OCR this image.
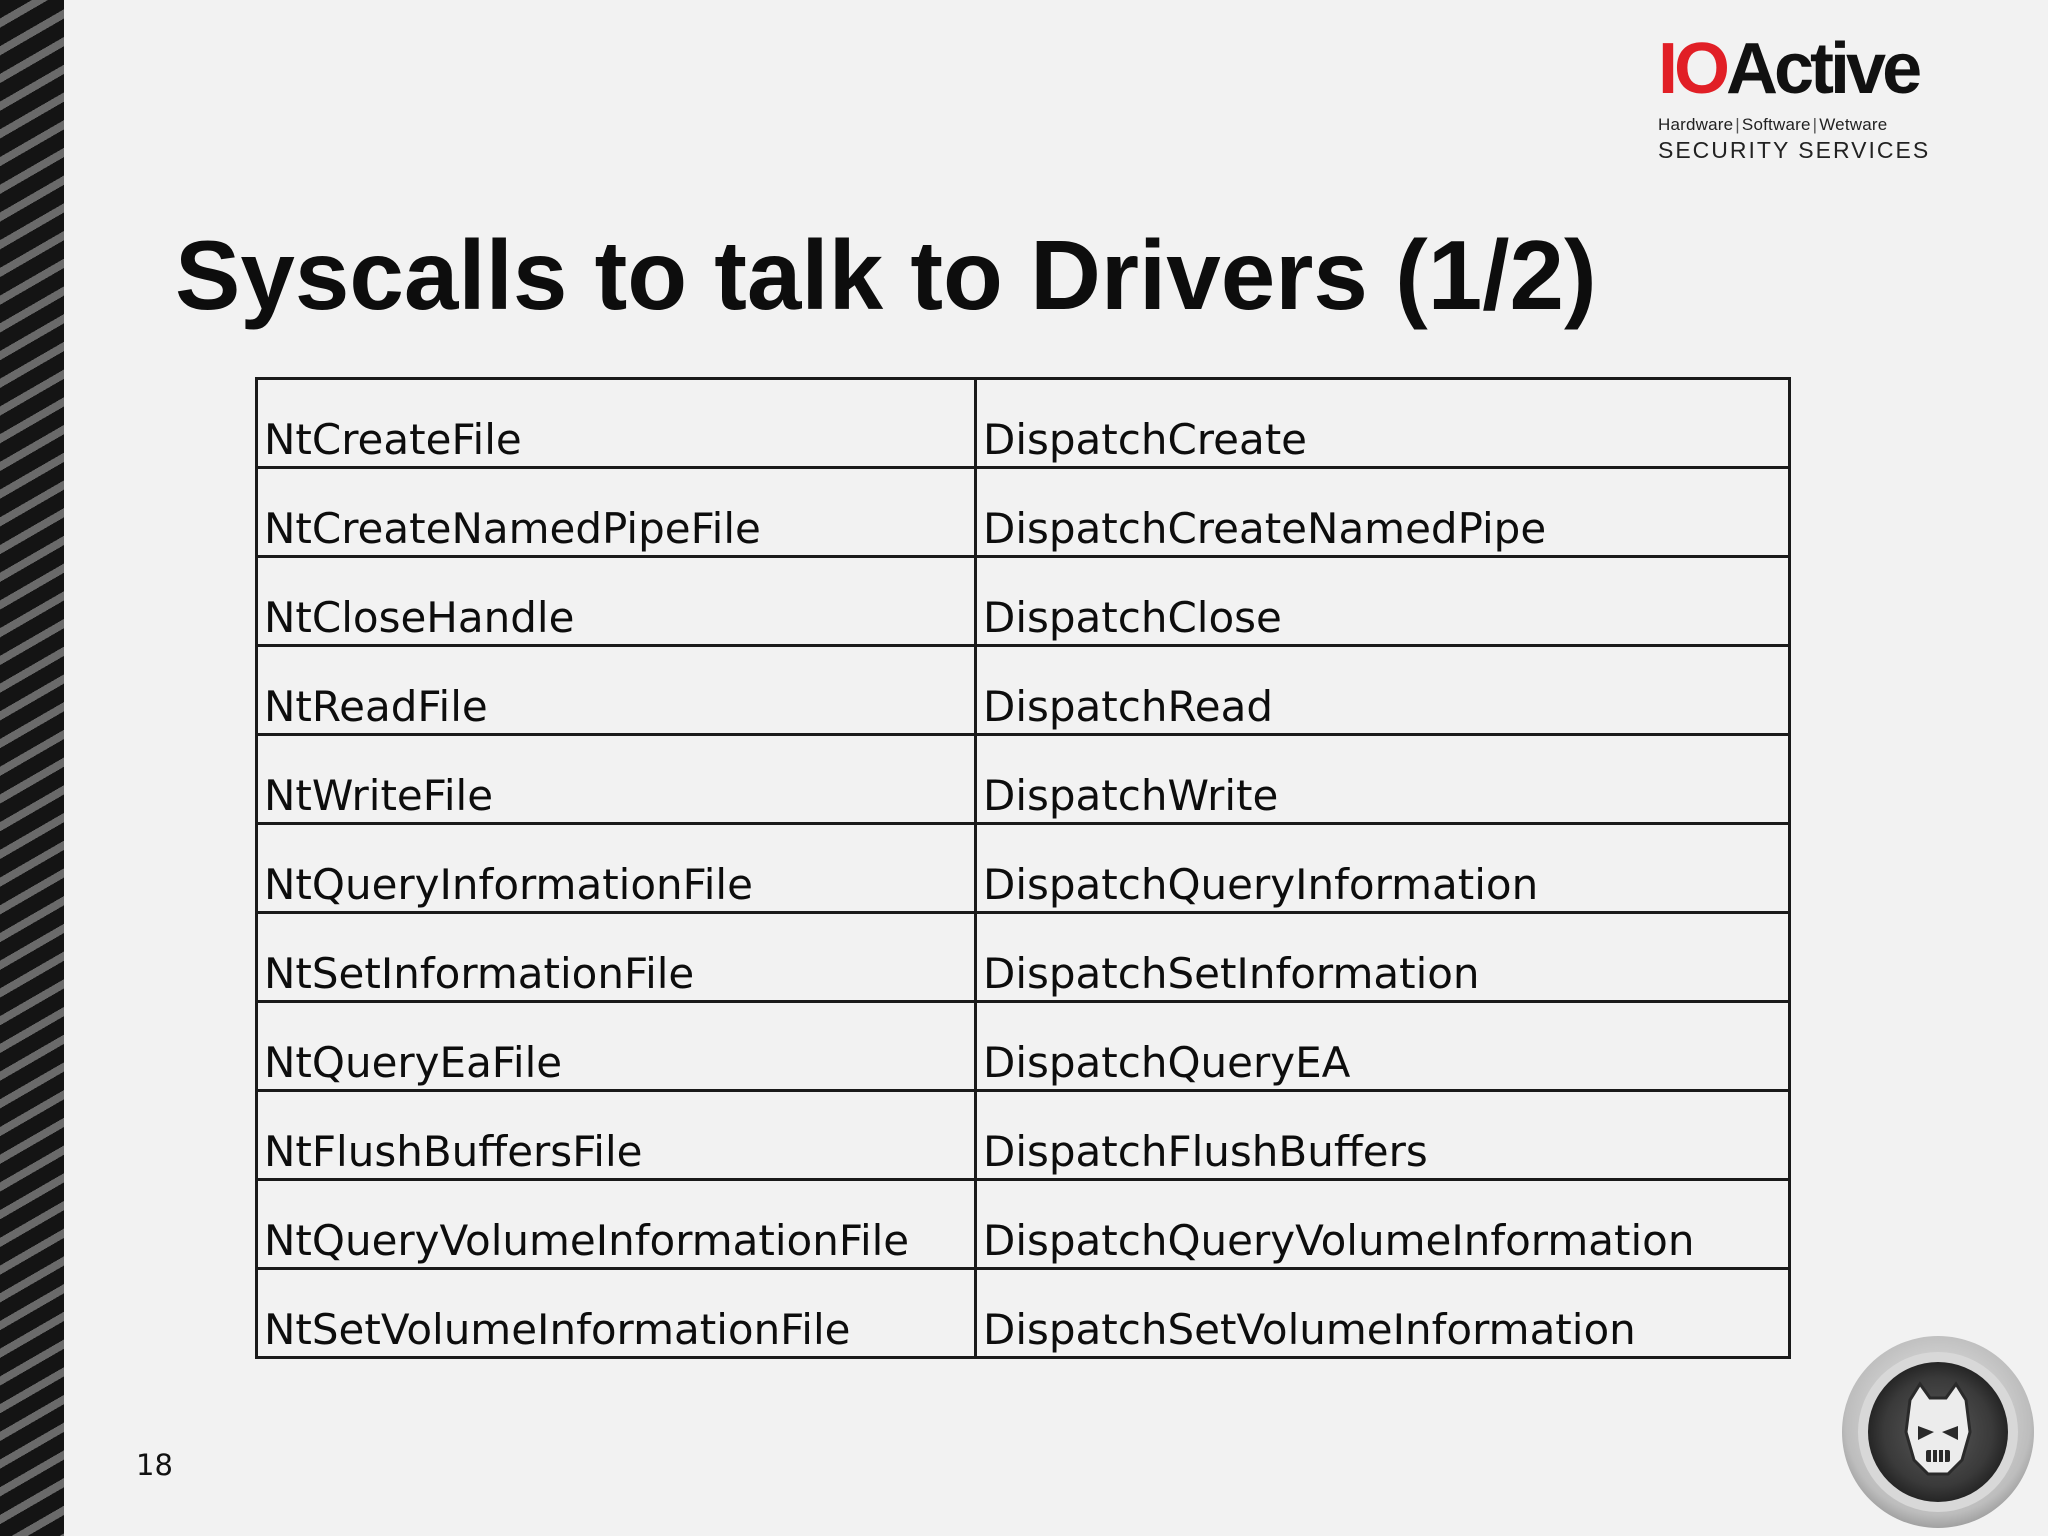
IOActive
Hardware | Software | Wetware
SECURITY SERVICES
Syscalls to talk to Drivers (1/2)
NtCreateFile	DispatchCreate
NtCreateNamedPipeFile	DispatchCreateNamedPipe
NtCloseHandle	DispatchClose
NtReadFile	DispatchRead
NtWriteFile	DispatchWrite
NtQueryInformationFile	DispatchQueryInformation
NtSetInformationFile	DispatchSetInformation
NtQueryEaFile	DispatchQueryEA
NtFlushBuffersFile	DispatchFlushBuffers
NtQueryVolumeInformationFile	DispatchQueryVolumeInformation
NtSetVolumeInformationFile	DispatchSetVolumeInformation
18
